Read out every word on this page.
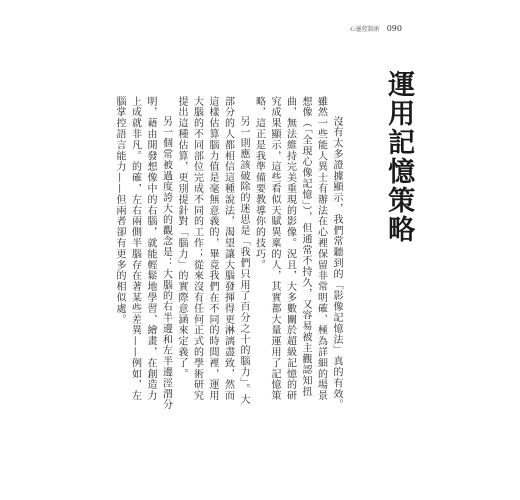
心靈控制術 090
運用記憶策略

沒有太多證據顯示，我們常聽到的「影像記憶法」真的有效。雖然一些能人異士有辦法在心裡保留非常明確、極為詳細的場景想像（「全現心像記憶」），但通常不持久，又容易被主觀認知扭曲，無法維持完美重現的影像。況且，大多數關於超級記憶的研究成果顯示，這些看似天賦異稟的人，其實都大量運用了記憶策略，這正是我準備要教導你的技巧。

另一則應該破除的迷思是「我們只用了百分之十的腦力」。大部分的人都相信這種說法，渴望讓大腦發揮得更淋漓盡致，然而這樣估算腦力值是毫無意義的，畢竟我們在不同的時間裡，運用大腦的不同部位完成不同的工作；從來沒有任何正式的學術研究提出這種估算，更別提針對「腦力」的實際意涵來定義了。

另一個常被過度誇大的觀念是：大腦的右半邊和左半邊涇渭分明，藉由開發想像中的右腦，就能輕鬆地學習、繪畫，在創造力上成就非凡。的確，左右兩側半腦存在著某些差異——例如，左腦掌控語言能力——但兩者卻有更多的相似處。
